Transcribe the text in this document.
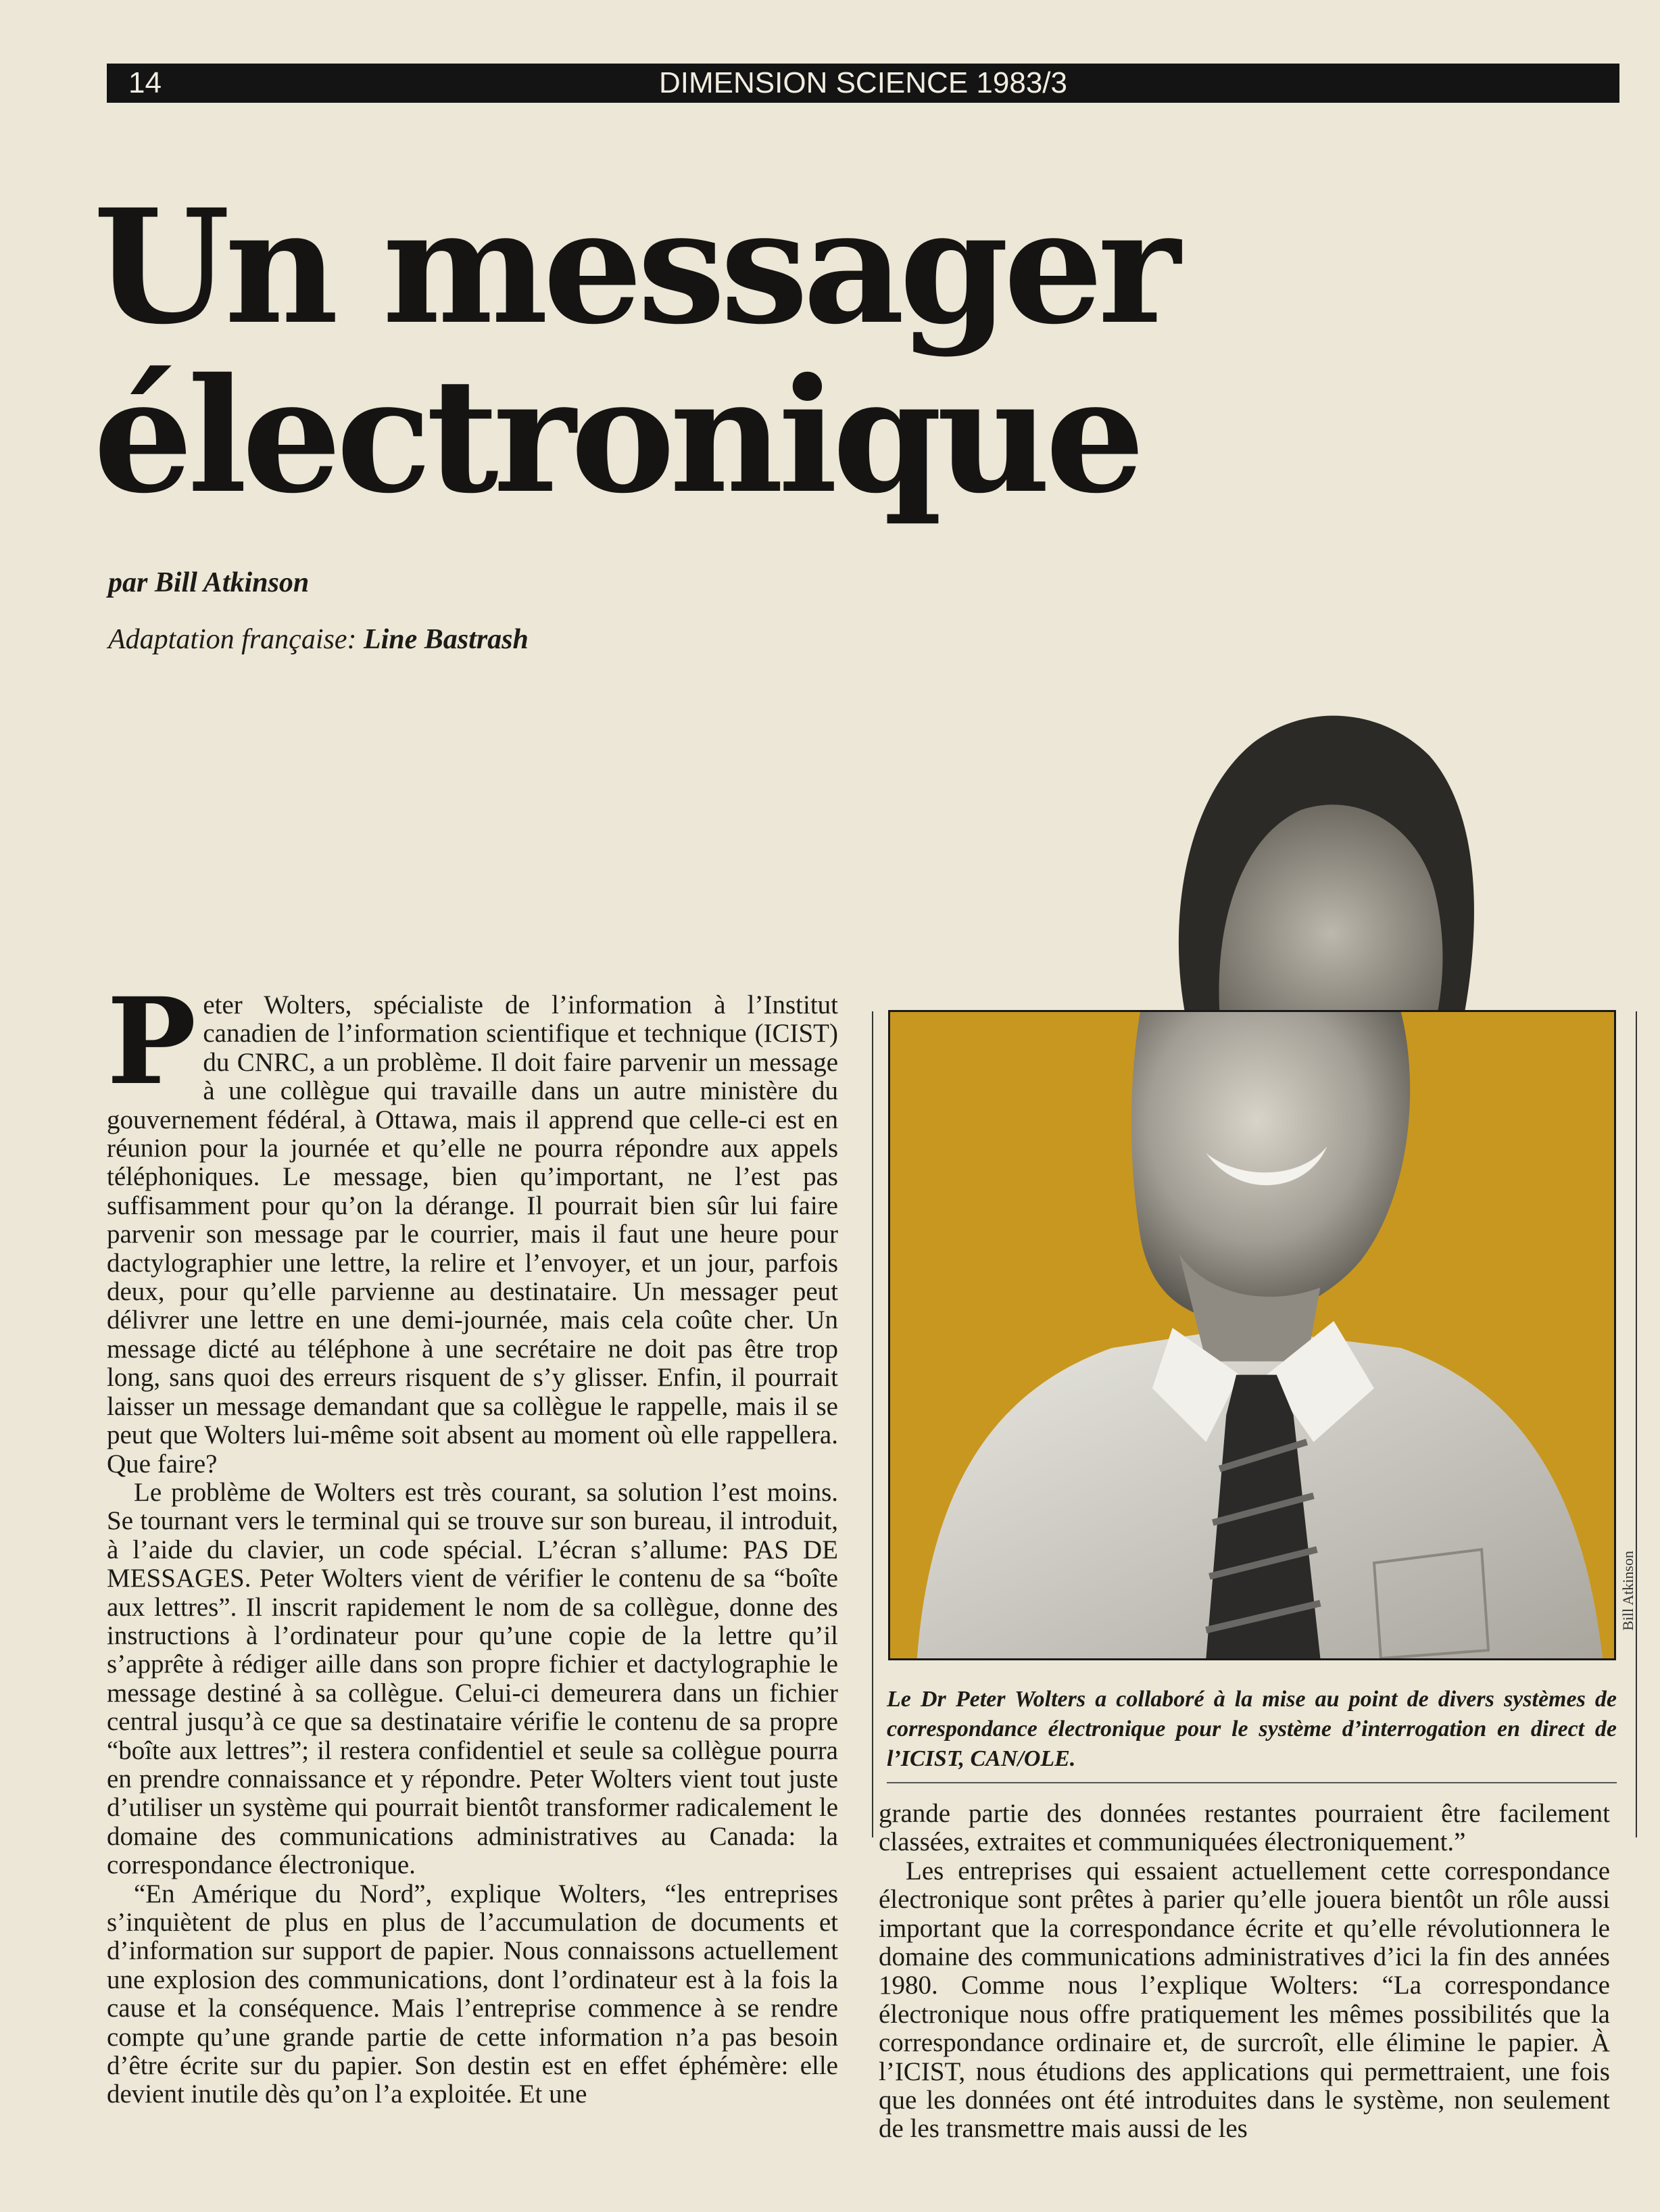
14	DIMENSION SCIENCE 1983/3
Un messager
électronique
par Bill Atkinson
Adaptation française: Line Bastrash
Bill Atkinson

Le Dr Peter Wolters a collaboré à la mise au point de divers systèmes de correspondance électronique pour le système d’interrogation en direct de l’ICIST, CAN/OLE.

Peter Wolters, spécialiste de l’information à l’Institut canadien de l’information scientifique et technique (ICIST) du CNRC, a un problème. Il doit faire parvenir un message à une collègue qui travaille dans un autre ministère du gouvernement fédéral, à Ottawa, mais il apprend que celle-ci est en réunion pour la journée et qu’elle ne pourra répondre aux appels téléphoniques. Le message, bien qu’important, ne l’est pas suffisamment pour qu’on la dérange. Il pourrait bien sûr lui faire parvenir son message par le courrier, mais il faut une heure pour dactylographier une lettre, la relire et l’envoyer, et un jour, parfois deux, pour qu’elle parvienne au destinataire. Un messager peut délivrer une lettre en une demi-journée, mais cela coûte cher. Un message dicté au téléphone à une secrétaire ne doit pas être trop long, sans quoi des erreurs risquent de s’y glisser. Enfin, il pourrait laisser un message demandant que sa collègue le rappelle, mais il se peut que Wolters lui-même soit absent au moment où elle rappellera. Que faire?

Le problème de Wolters est très courant, sa solution l’est moins. Se tournant vers le terminal qui se trouve sur son bureau, il introduit, à l’aide du clavier, un code spécial. L’écran s’allume: PAS DE MESSAGES. Peter Wolters vient de vérifier le contenu de sa “boîte aux lettres”. Il inscrit rapidement le nom de sa collègue, donne des instructions à l’ordinateur pour qu’une copie de la lettre qu’il s’apprête à rédiger aille dans son propre fichier et dactylographie le message destiné à sa collègue. Celui-ci demeurera dans un fichier central jusqu’à ce que sa destinataire vérifie le contenu de sa propre “boîte aux lettres”; il restera confidentiel et seule sa collègue pourra en prendre connaissance et y répondre. Peter Wolters vient tout juste d’utiliser un système qui pourrait bientôt transformer radicalement le domaine des communications administratives au Canada: la correspondance électronique.

“En Amérique du Nord”, explique Wolters, “les entreprises s’inquiètent de plus en plus de l’accumulation de documents et d’information sur support de papier. Nous connaissons actuellement une explosion des communications, dont l’ordinateur est à la fois la cause et la conséquence. Mais l’entreprise commence à se rendre compte qu’une grande partie de cette information n’a pas besoin d’être écrite sur du papier. Son destin est en effet éphémère: elle devient inutile dès qu’on l’a exploitée. Et une

grande partie des données restantes pourraient être facilement classées, extraites et communiquées électroniquement.”

Les entreprises qui essaient actuellement cette correspondance électronique sont prêtes à parier qu’elle jouera bientôt un rôle aussi important que la correspondance écrite et qu’elle révolutionnera le domaine des communications administratives d’ici la fin des années 1980. Comme nous l’explique Wolters: “La correspondance électronique nous offre pratiquement les mêmes possibilités que la correspondance ordinaire et, de surcroît, elle élimine le papier. À l’ICIST, nous étudions des applications qui permettraient, une fois que les données ont été introduites dans le système, non seulement de les transmettre mais aussi de les
